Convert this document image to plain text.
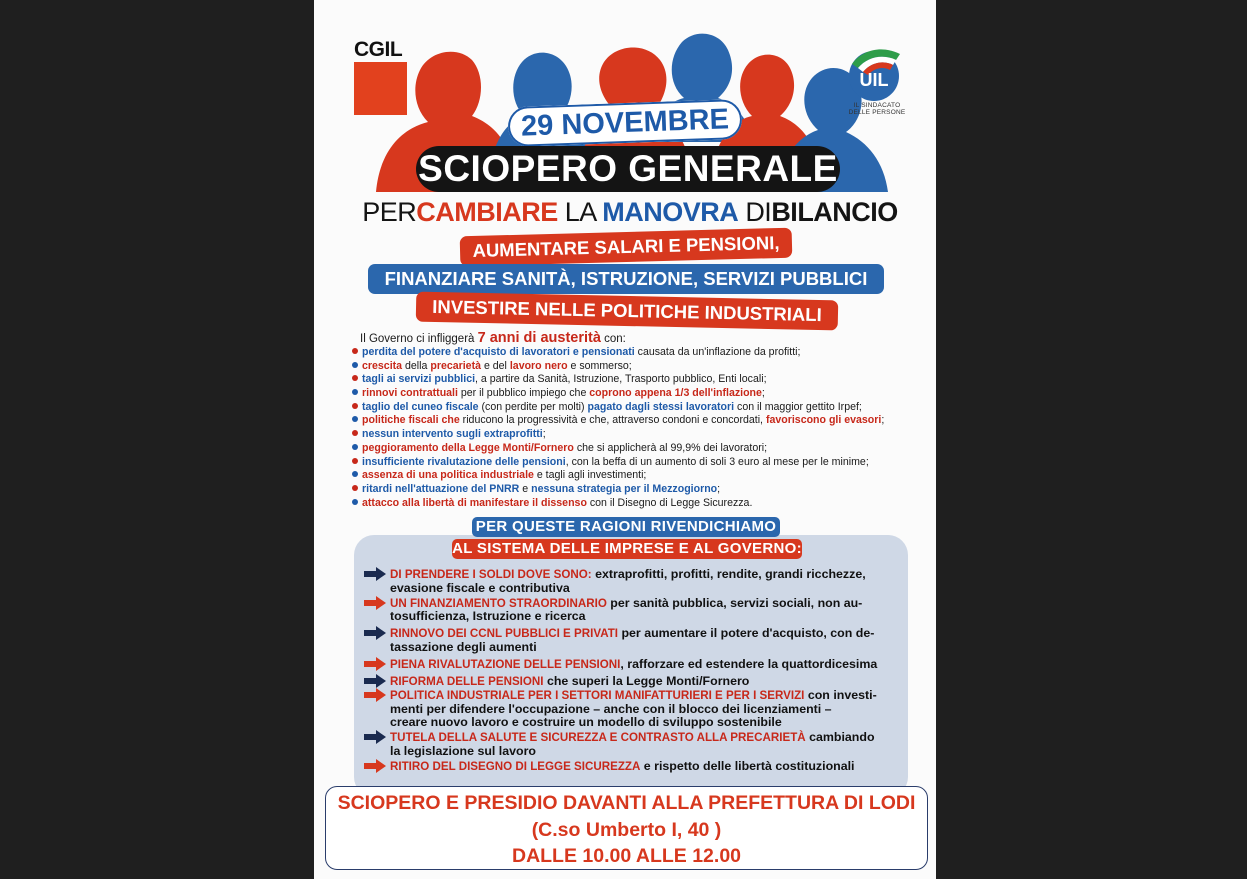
CGIL
UIL
IL SINDACATO
DELLE PERSONE
29 NOVEMBRE
SCIOPERO GENERALE
PERCAMBIARE LA MANOVRA DIBILANCIO
AUMENTARE SALARI E PENSIONI,
FINANZIARE SANITÀ, ISTRUZIONE, SERVIZI PUBBLICI
INVESTIRE NELLE POLITICHE INDUSTRIALI
Il Governo ci infliggerà 7 anni di austerità con:
perdita del potere d'acquisto di lavoratori e pensionati causata da un'inflazione da profitti;
crescita della precarietà e del lavoro nero e sommerso;
tagli ai servizi pubblici, a partire da Sanità, Istruzione, Trasporto pubblico, Enti locali;
rinnovi contrattuali per il pubblico impiego che coprono appena 1/3 dell'inflazione;
taglio del cuneo fiscale (con perdite per molti) pagato dagli stessi lavoratori con il maggior gettito Irpef;
politiche fiscali che riducono la progressività e che, attraverso condoni e concordati, favoriscono gli evasori;
nessun intervento sugli extraprofitti;
peggioramento della Legge Monti/Fornero che si applicherà al 99,9% dei lavoratori;
insufficiente rivalutazione delle pensioni, con la beffa di un aumento di soli 3 euro al mese per le minime;
assenza di una politica industriale e tagli agli investimenti;
ritardi nell'attuazione del PNRR e nessuna strategia per il Mezzogiorno;
attacco alla libertà di manifestare il dissenso con il Disegno di Legge Sicurezza.
PER QUESTE RAGIONI RIVENDICHIAMO
AL SISTEMA DELLE IMPRESE E AL GOVERNO:
DI PRENDERE I SOLDI DOVE SONO: extraprofitti, profitti, rendite, grandi ricchezze,
evasione fiscale e contributiva
UN FINANZIAMENTO STRAORDINARIO per sanità pubblica, servizi sociali, non au-
tosufficienza, Istruzione e ricerca
RINNOVO DEI CCNL PUBBLICI E PRIVATI per aumentare il potere d'acquisto, con de-
tassazione degli aumenti
PIENA RIVALUTAZIONE DELLE PENSIONI, rafforzare ed estendere la quattordicesima
RIFORMA DELLE PENSIONI che superi la Legge Monti/Fornero
POLITICA INDUSTRIALE PER I SETTORI MANIFATTURIERI E PER I SERVIZI con investi-
menti per difendere l'occupazione – anche con il blocco dei licenziamenti –
creare nuovo lavoro e costruire un modello di sviluppo sostenibile
TUTELA DELLA SALUTE E SICUREZZA E CONTRASTO ALLA PRECARIETÀ cambiando
la legislazione sul lavoro
RITIRO DEL DISEGNO DI LEGGE SICUREZZA e rispetto delle libertà costituzionali
SCIOPERO E PRESIDIO DAVANTI ALLA PREFETTURA DI LODI
(C.so Umberto I, 40 )
DALLE 10.00 ALLE 12.00
